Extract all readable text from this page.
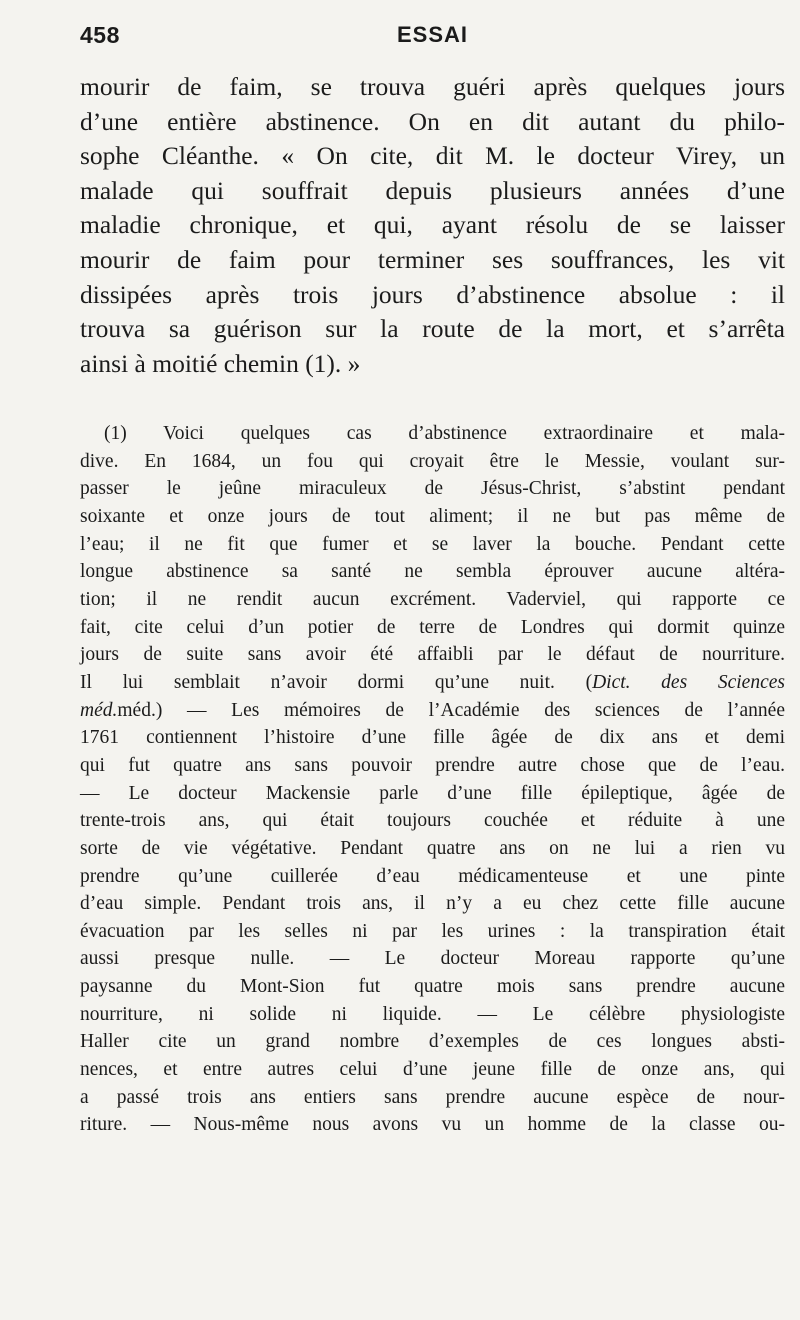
458	ESSAI
mourir de faim, se trouva guéri après quelques jours
d’une entière abstinence. On en dit autant du philo-
sophe Cléanthe. « On cite, dit M. le docteur Virey, un
malade qui souffrait depuis plusieurs années d’une
maladie chronique, et qui, ayant résolu de se laisser
mourir de faim pour terminer ses souffrances, les vit
dissipées après trois jours d’abstinence absolue : il
trouva sa guérison sur la route de la mort, et s’arrêta
ainsi à moitié chemin (1). »
(1) Voici quelques cas d’abstinence extraordinaire et mala-
dive. En 1684, un fou qui croyait être le Messie, voulant sur-
passer le jeûne miraculeux de Jésus-Christ, s’abstint pendant
soixante et onze jours de tout aliment; il ne but pas même de
l’eau; il ne fit que fumer et se laver la bouche. Pendant cette
longue abstinence sa santé ne sembla éprouver aucune altéra-
tion; il ne rendit aucun excrément. Vaderviel, qui rapporte ce
fait, cite celui d’un potier de terre de Londres qui dormit quinze
jours de suite sans avoir été affaibli par le défaut de nourriture.
Il lui semblait n’avoir dormi qu’une nuit. (Dict. des Sciences
méd.méd.) — Les mémoires de l’Académie des sciences de l’année
1761 contiennent l’histoire d’une fille âgée de dix ans et demi
qui fut quatre ans sans pouvoir prendre autre chose que de l’eau.
— Le docteur Mackensie parle d’une fille épileptique, âgée de
trente-trois ans, qui était toujours couchée et réduite à une
sorte de vie végétative. Pendant quatre ans on ne lui a rien vu
prendre qu’une cuillerée d’eau médicamenteuse et une pinte
d’eau simple. Pendant trois ans, il n’y a eu chez cette fille aucune
évacuation par les selles ni par les urines : la transpiration était
aussi presque nulle. — Le docteur Moreau rapporte qu’une
paysanne du Mont-Sion fut quatre mois sans prendre aucune
nourriture, ni solide ni liquide. — Le célèbre physiologiste
Haller cite un grand nombre d’exemples de ces longues absti-
nences, et entre autres celui d’une jeune fille de onze ans, qui
a passé trois ans entiers sans prendre aucune espèce de nour-
riture. — Nous-même nous avons vu un homme de la classe ou-
